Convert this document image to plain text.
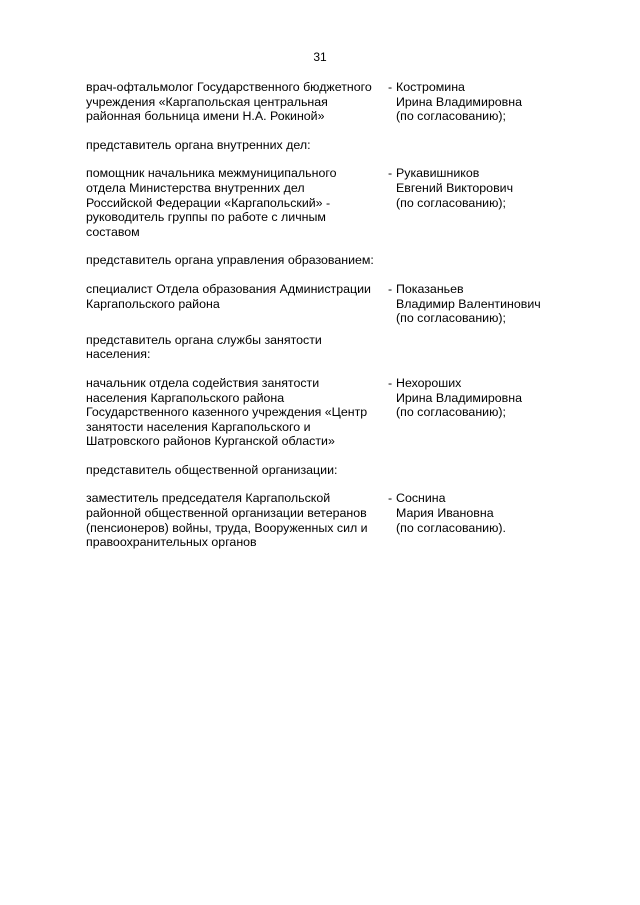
31
врач-офтальмолог Государственного бюджетного
учреждения «Каргапольская центральная
районная больница имени Н.А. Рокиной»
- Костромина
Ирина Владимировна
(по согласованию);
представитель органа внутренних дел:
помощник начальника межмуниципального
отдела Министерства внутренних дел
Российской Федерации «Каргапольский» -
руководитель группы по работе с личным
составом
- Рукавишников
Евгений Викторович
(по согласованию);
представитель органа управления образованием:
специалист Отдела образования Администрации
Каргапольского района
- Показаньев
Владимир Валентинович
(по согласованию);
представитель органа службы занятости
населения:
начальник отдела содействия занятости
населения Каргапольского района
Государственного казенного учреждения «Центр
занятости населения Каргапольского и
Шатровского районов Курганской области»
- Нехороших
Ирина Владимировна
(по согласованию);
представитель общественной организации:
заместитель председателя Каргапольской
районной общественной организации ветеранов
(пенсионеров) войны, труда, Вооруженных сил и
правоохранительных органов
- Соснина
Мария Ивановна
(по согласованию).
